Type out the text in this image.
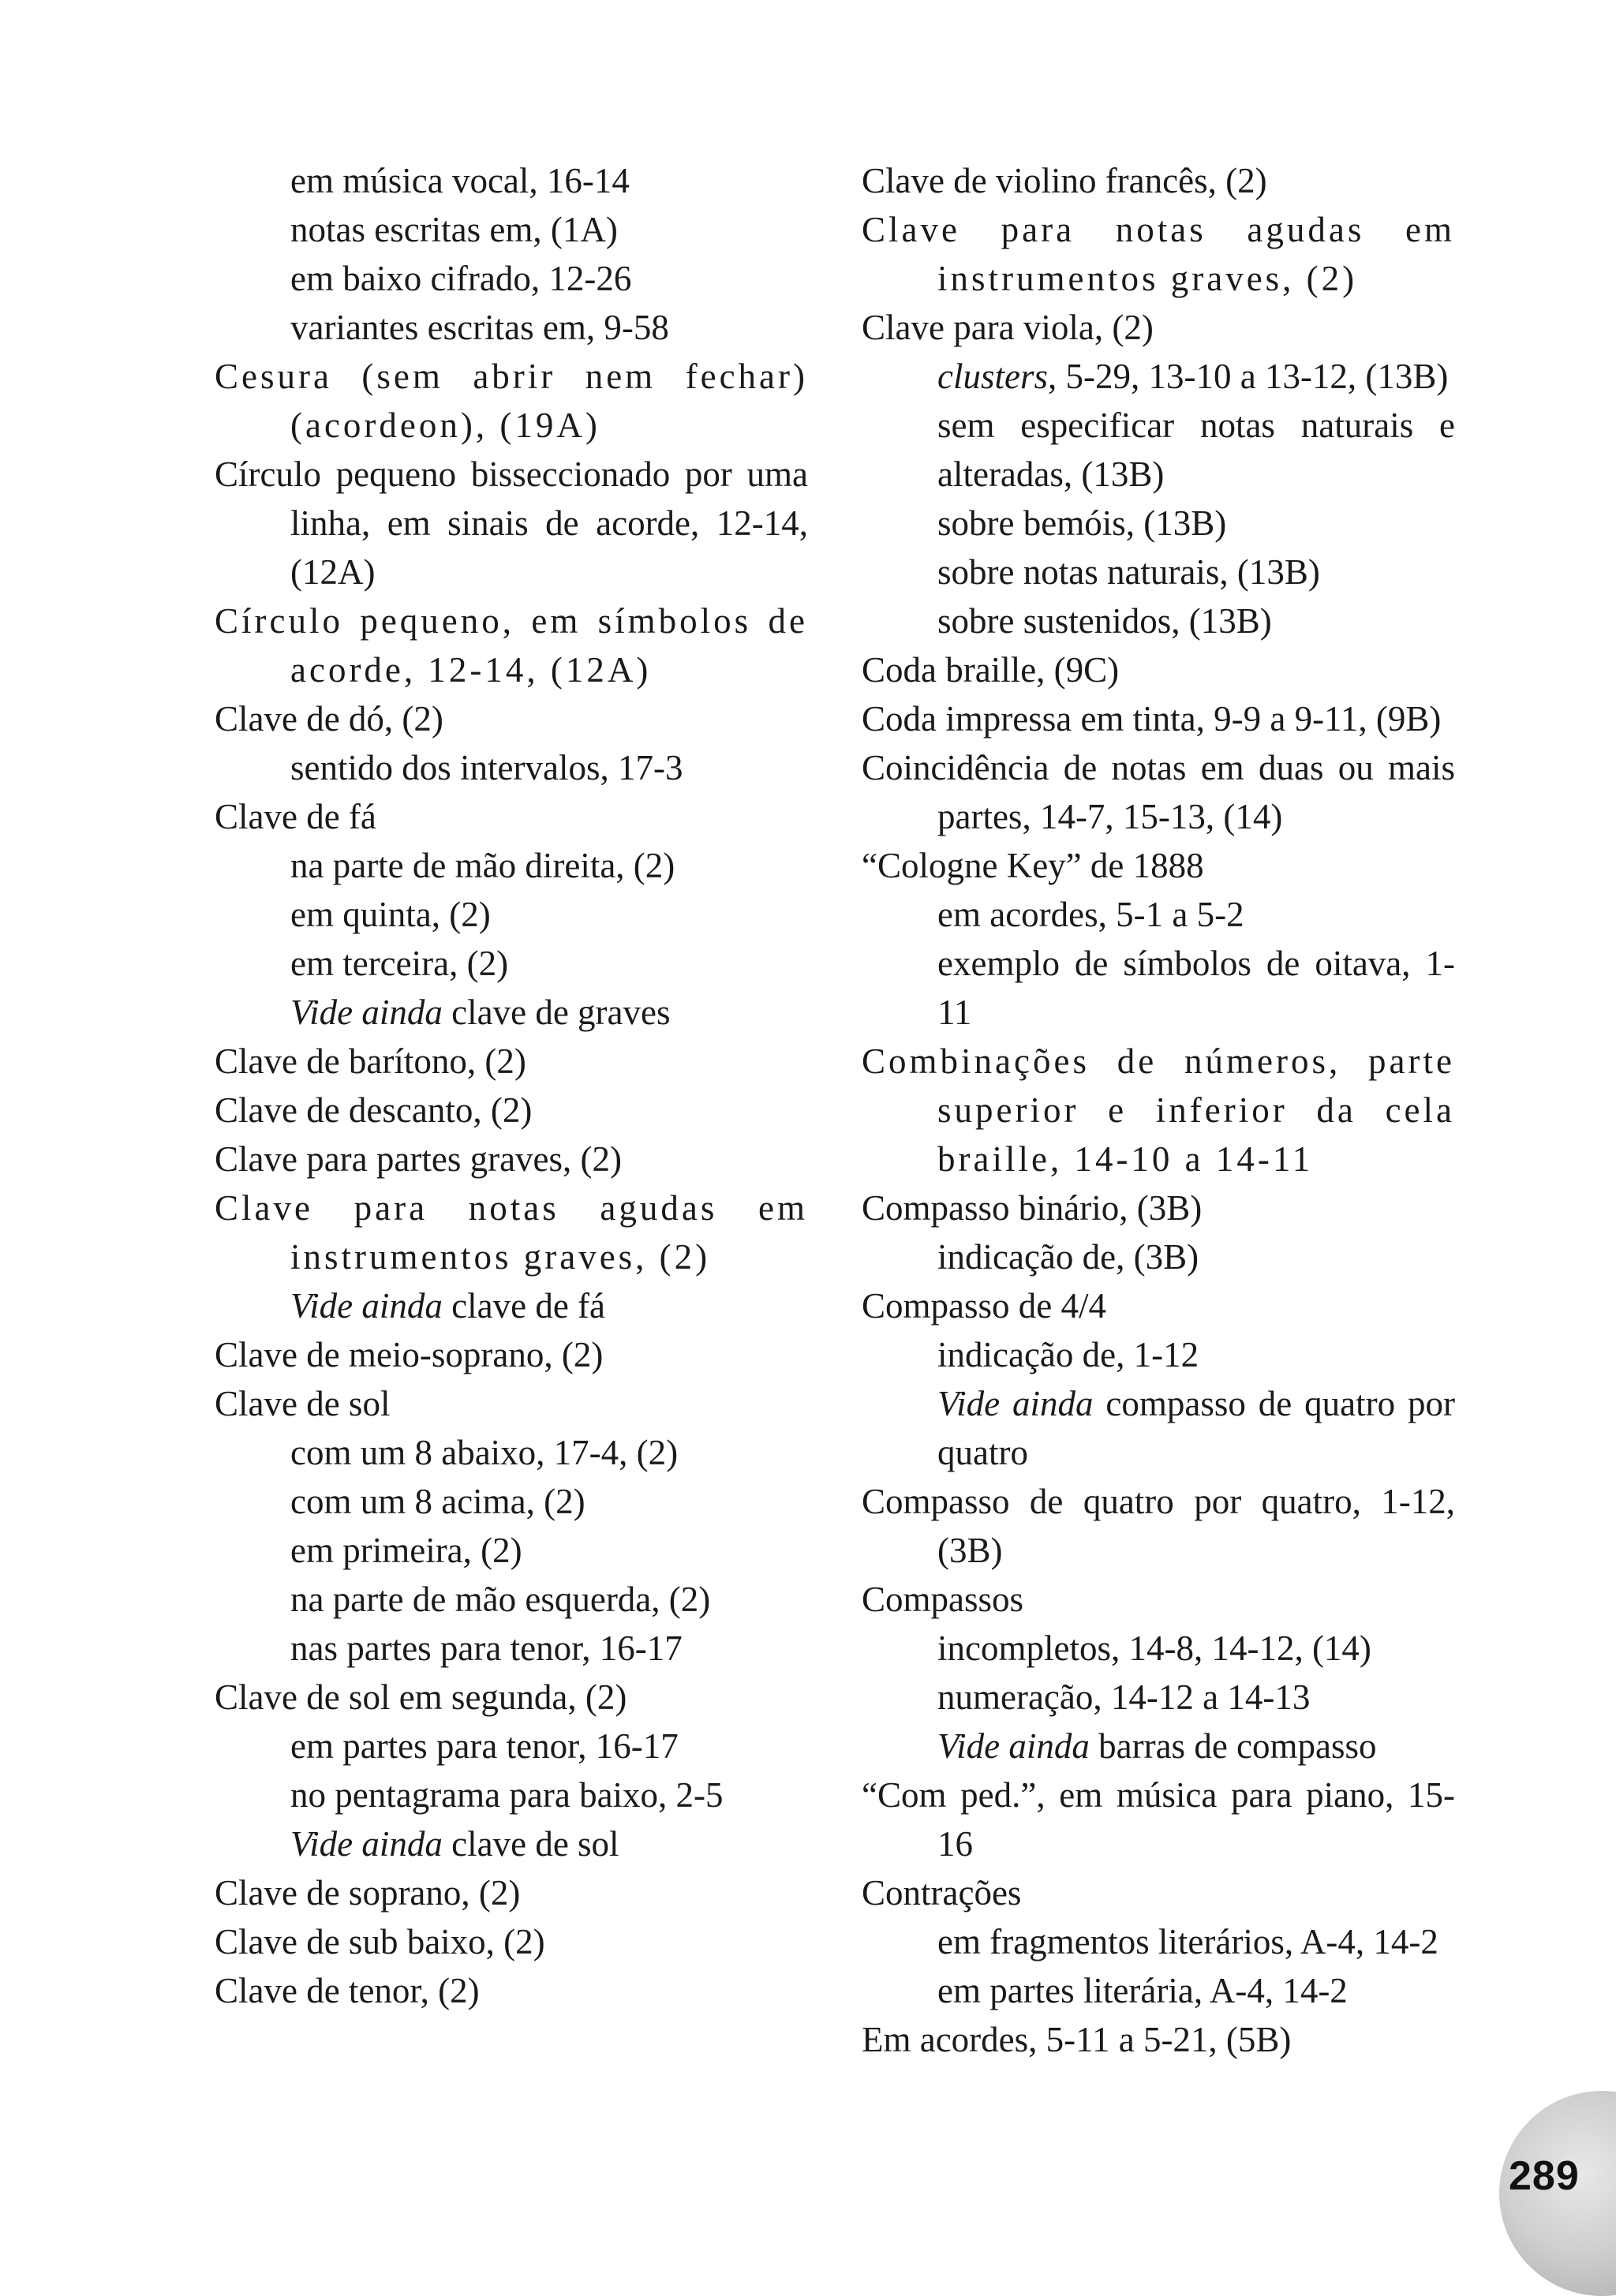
em música vocal, 16-14

notas escritas em, (1A)

em baixo cifrado, 12-26

variantes escritas em, 9-58

Cesura (sem abrir nem fechar) (acordeon), (19A)

Círculo pequeno bisseccionado por uma linha, em sinais de acorde, 12-14, (12A)

Círculo pequeno, em símbolos de acorde, 12-14, (12A)

Clave de dó, (2)

sentido dos intervalos, 17-3

Clave de fá

na parte de mão direita, (2)

em quinta, (2)

em terceira, (2)

Vide ainda clave de graves

Clave de barítono, (2)

Clave de descanto, (2)

Clave para partes graves, (2)

Clave para notas agudas em instrumentos graves, (2)

Vide ainda clave de fá

Clave de meio-soprano, (2)

Clave de sol

com um 8 abaixo, 17-4, (2)

com um 8 acima, (2)

em primeira, (2)

na parte de mão esquerda, (2)

nas partes para tenor, 16-17

Clave de sol em segunda, (2)

em partes para tenor, 16-17

no pentagrama para baixo, 2-5

Vide ainda clave de sol

Clave de soprano, (2)

Clave de sub baixo, (2)

Clave de tenor, (2)

Clave de violino francês, (2)

Clave para notas agudas em instrumentos graves, (2)

Clave para viola, (2)

clusters, 5-29, 13-10 a 13-12, (13B)

sem especificar notas naturais e alteradas, (13B)

sobre bemóis, (13B)

sobre notas naturais, (13B)

sobre sustenidos, (13B)

Coda braille, (9C)

Coda impressa em tinta, 9-9 a 9-11, (9B)

Coincidência de notas em duas ou mais partes, 14-7, 15-13, (14)

“Cologne Key” de 1888

em acordes, 5-1 a 5-2

exemplo de símbolos de oitava, 1-11

Combinações de números, parte superior e inferior da cela braille, 14-10 a 14-11

Compasso binário, (3B)

indicação de, (3B)

Compasso de 4/4

indicação de, 1-12

Vide ainda compasso de quatro por quatro

Compasso de quatro por quatro, 1-12, (3B)

Compassos

incompletos, 14-8, 14-12, (14)

numeração, 14-12 a 14-13

Vide ainda barras de compasso

“Com ped.”, em música para piano, 15-16

Contrações

em fragmentos literários, A-4, 14-2

em partes literária, A-4, 14-2

Em acordes, 5-11 a 5-21, (5B)

289
